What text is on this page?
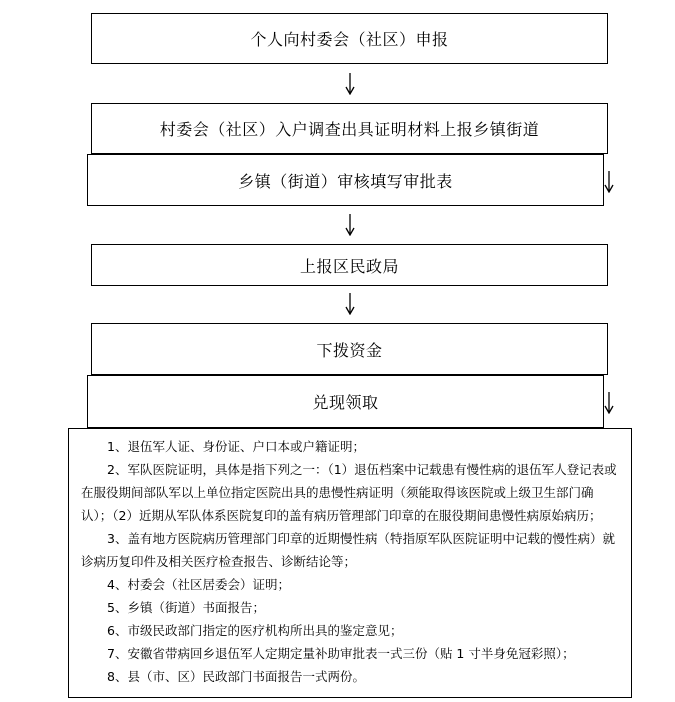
个人向村委会（社区）申报
村委会（社区）入户调查出具证明材料上报乡镇街道
乡镇（街道）审核填写审批表
上报区民政局
下拨资金
兑现领取

1、退伍军人证、身份证、户口本或户籍证明；

2、军队医院证明，具体是指下列之一：（1）退伍档案中记载患有慢性病的退伍军人登记表或在服役期间部队军以上单位指定医院出具的患慢性病证明（须能取得该医院或上级卫生部门确认）；（2）近期从军队体系医院复印的盖有病历管理部门印章的在服役期间患慢性病原始病历；

3、盖有地方医院病历管理部门印章的近期慢性病（特指原军队医院证明中记载的慢性病）就诊病历复印件及相关医疗检查报告、诊断结论等；

4、村委会（社区居委会）证明；

5、乡镇（街道）书面报告；

6、市级民政部门指定的医疗机构所出具的鉴定意见；

7、安徽省带病回乡退伍军人定期定量补助审批表一式三份（贴 1 寸半身免冠彩照）；

8、县（市、区）民政部门书面报告一式两份。
